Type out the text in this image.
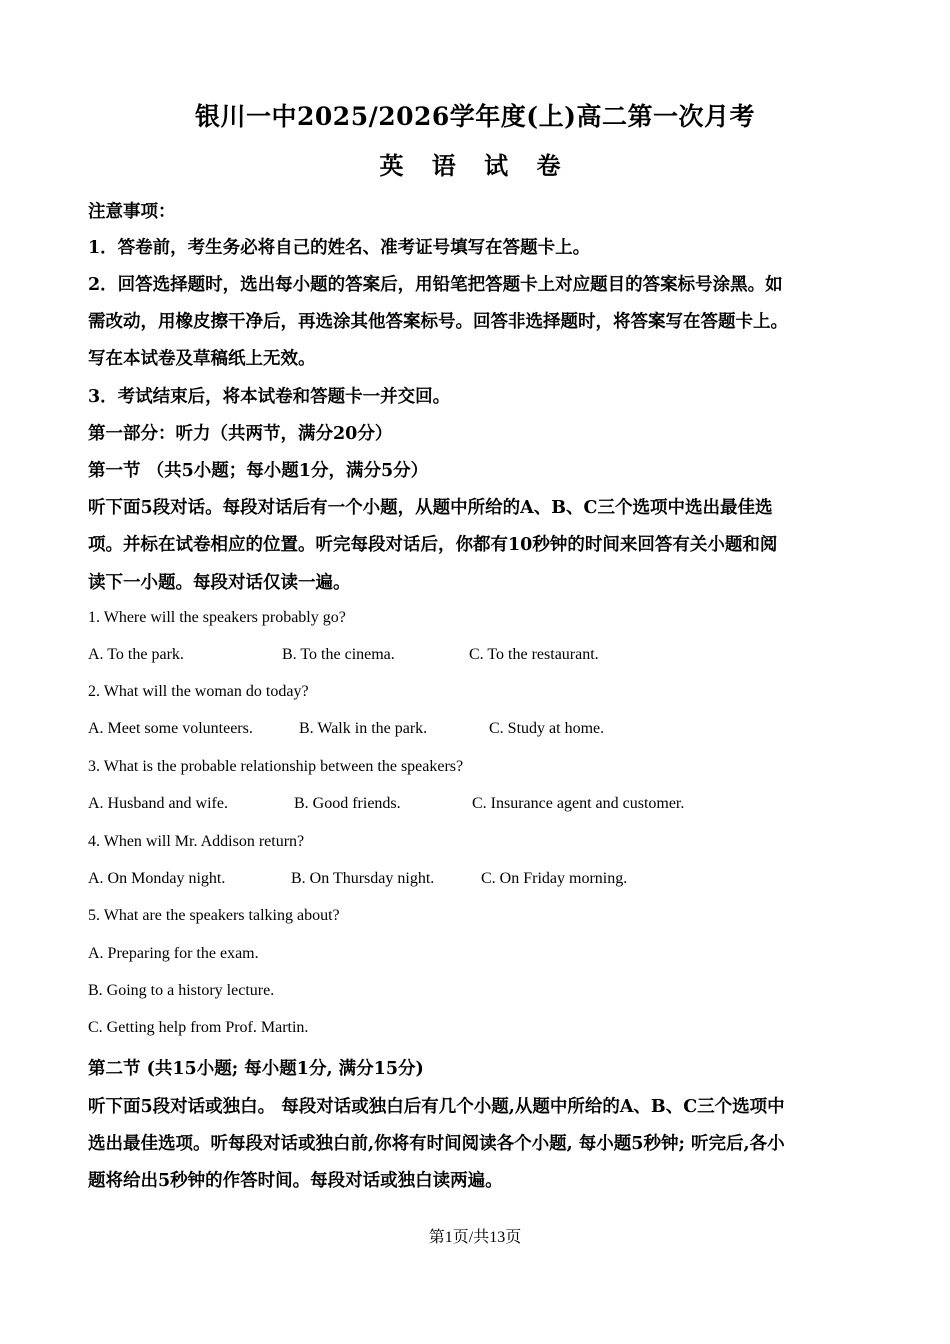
银川一中2025/2026学年度(上)高二第一次月考
英 语 试 卷
注意事项：
1．答卷前，考生务必将自己的姓名、准考证号填写在答题卡上。
2．回答选择题时，选出每小题的答案后，用铅笔把答题卡上对应题目的答案标号涂黑。如
需改动，用橡皮擦干净后，再选涂其他答案标号。回答非选择题时，将答案写在答题卡上。
写在本试卷及草稿纸上无效。
3．考试结束后，将本试卷和答题卡一并交回。
第一部分：听力（共两节，满分20分）
第一节 （共5小题；每小题1分，满分5分）
听下面5段对话。每段对话后有一个小题，从题中所给的A、B、C三个选项中选出最佳选
项。并标在试卷相应的位置。听完每段对话后，你都有10秒钟的时间来回答有关小题和阅
读下一小题。每段对话仅读一遍。
1. Where will the speakers probably go?
A. To the park.	B. To the cinema.	C. To the restaurant.
2. What will the woman do today?
A. Meet some volunteers.	B. Walk in the park.	C. Study at home.
3. What is the probable relationship between the speakers?
A. Husband and wife.	B. Good friends.	C. Insurance agent and customer.
4. When will Mr. Addison return?
A. On Monday night.	B. On Thursday night.	C. On Friday morning.
5. What are the speakers talking about?
A. Preparing for the exam.
B. Going to a history lecture.
C. Getting help from Prof. Martin.
第二节 (共15小题; 每小题1分, 满分15分)
听下面5段对话或独白。 每段对话或独白后有几个小题,从题中所给的A、B、C三个选项中
选出最佳选项。听每段对话或独白前,你将有时间阅读各个小题, 每小题5秒钟; 听完后,各小
题将给出5秒钟的作答时间。每段对话或独白读两遍。
第1页/共13页
